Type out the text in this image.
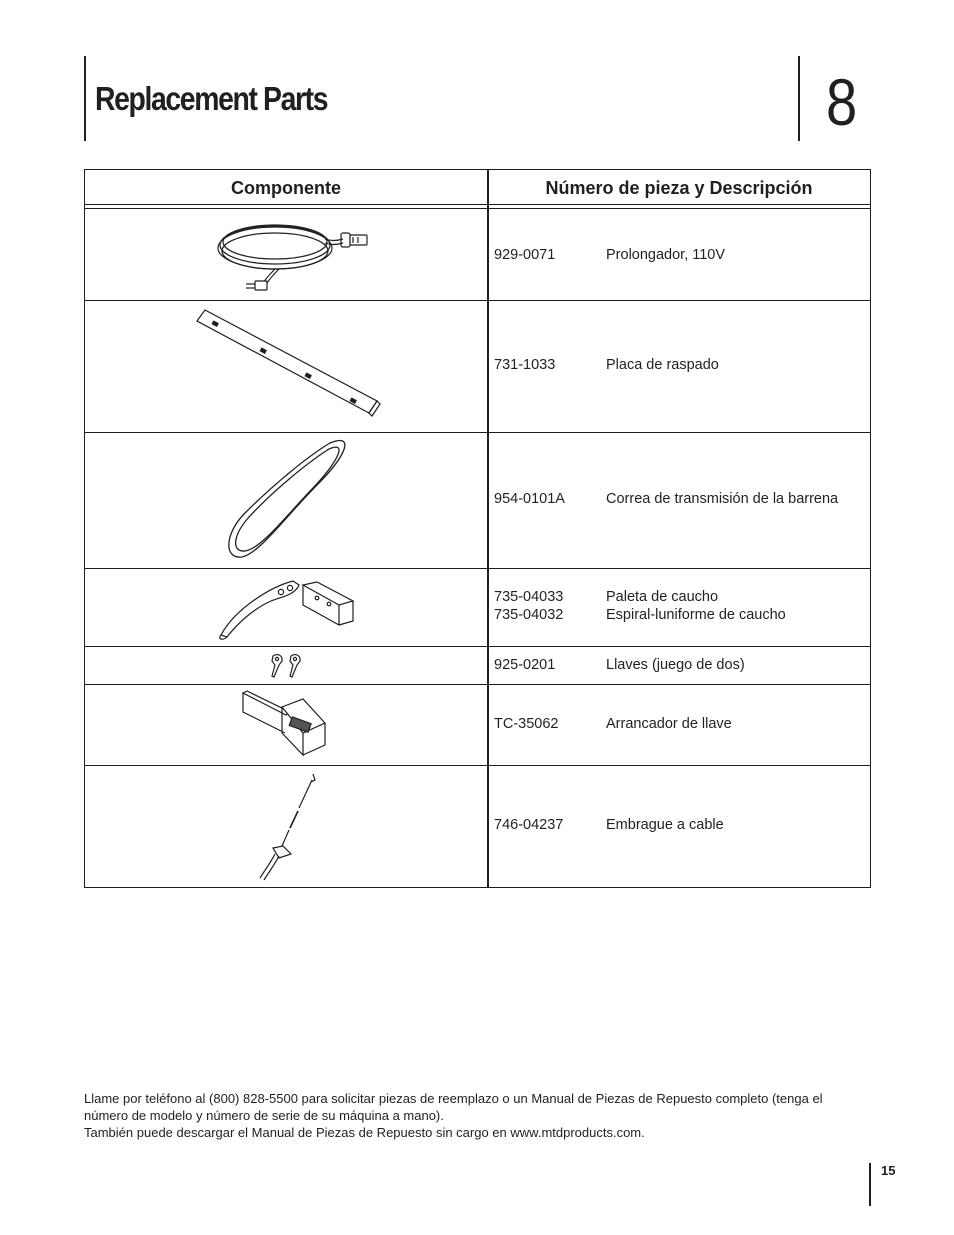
Replacement Parts	8
Componente	Número de pieza y Descripción
929-0071	Prolongador, 110V
731-1033	Placa de raspado
954-0101A	Correa de transmisión de la barrena
735-04033	Paleta de caucho
735-04032	Espiral-luniforme de caucho
925-0201	Llaves (juego de dos)
TC-35062	Arrancador de llave
746-04237	Embrague a cable
Llame por teléfono al (800) 828-5500 para solicitar piezas de reemplazo o un Manual de Piezas de Repuesto completo (tenga el número de modelo y número de serie de su máquina a mano).
También puede descargar el Manual de Piezas de Repuesto sin cargo en www.mtdproducts.com.
15
